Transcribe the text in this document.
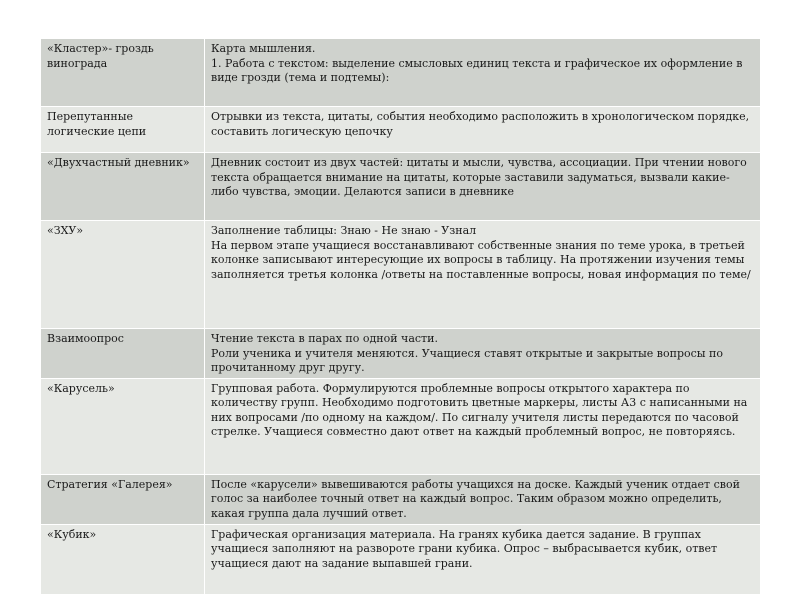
«Кластер»- гроздь винограда	Карта мышления.
1. Работа с текстом: выделение смысловых единиц текста и графическое их оформление в виде грозди (тема и подтемы):

Перепутанные логические цепи	Отрывки из текста, цитаты, события необходимо расположить в хронологическом порядке, составить логическую цепочку

«Двухчастный дневник»	Дневник состоит из двух частей: цитаты и мысли, чувства, ассоциации. При чтении нового текста обращается внимание на цитаты, которые заставили задуматься, вызвали какие-либо чувства, эмоции. Делаются записи в дневнике

«ЗХУ»	Заполнение таблицы: Знаю - Не знаю - Узнал
На первом этапе учащиеся восстанавливают собственные знания по теме урока, в третьей колонке записывают интересующие их вопросы в таблицу. На протяжении изучения темы заполняется третья колонка /ответы на поставленные вопросы, новая информация по теме/

Взаимоопрос	Чтение текста в парах по одной части.
Роли ученика и учителя меняются. Учащиеся ставят открытые и закрытые вопросы по прочитанному друг другу.

«Карусель»	Групповая работа. Формулируются проблемные вопросы открытого характера по количеству групп. Необходимо подготовить цветные маркеры, листы А3 с написанными на них вопросами /по одному на каждом/. По сигналу учителя листы передаются по часовой стрелке. Учащиеся совместно дают ответ на каждый проблемный вопрос, не повторяясь.

Стратегия «Галерея»	После «карусели» вывешиваются работы учащихся на доске. Каждый ученик отдает свой голос за наиболее точный ответ на каждый вопрос. Таким образом можно определить, какая группа дала лучший ответ.

«Кубик»	Графическая организация материала. На гранях кубика дается задание. В группах учащиеся заполняют на развороте грани кубика. Опрос – выбрасывается кубик, ответ учащиеся дают на задание выпавшей грани.
